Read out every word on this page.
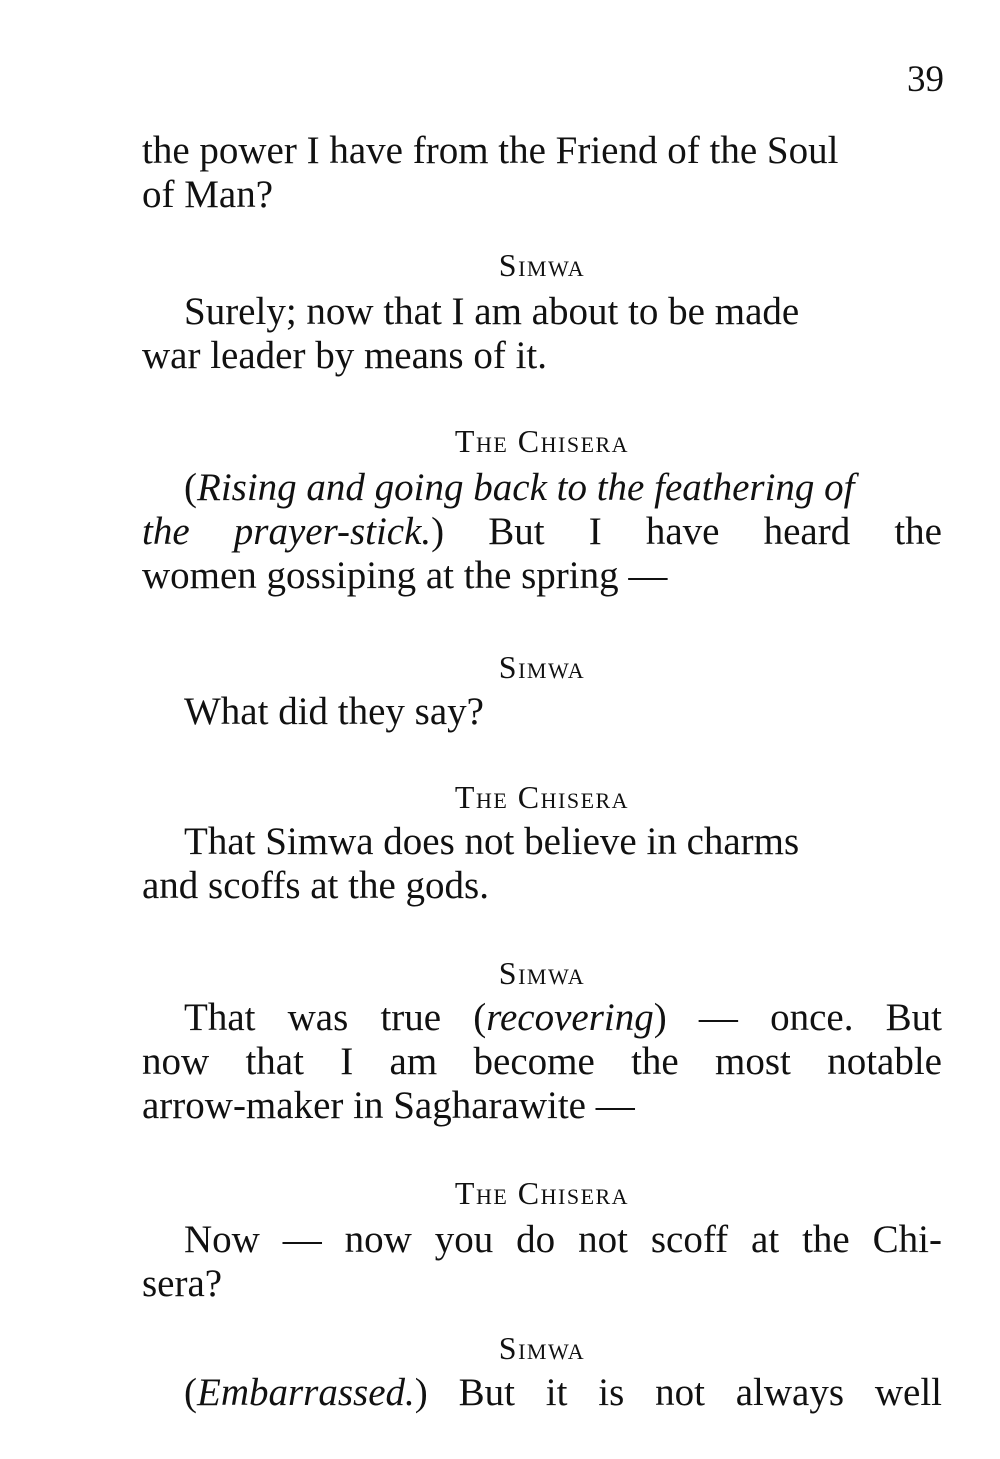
39
the power I have from the Friend of the Soul
of Man?
Simwa
Surely; now that I am about to be made
war leader by means of it.
The Chisera
(Rising and going back to the feathering of
the prayer-stick.) But I have heard the
women gossiping at the spring —
Simwa
What did they say?
The Chisera
That Simwa does not believe in charms
and scoffs at the gods.
Simwa
That was true (recovering) — once. But
now that I am become the most notable
arrow-maker in Sagharawite —
The Chisera
Now — now you do not scoff at the Chi-
sera?
Simwa
(Embarrassed.) But it is not always well
